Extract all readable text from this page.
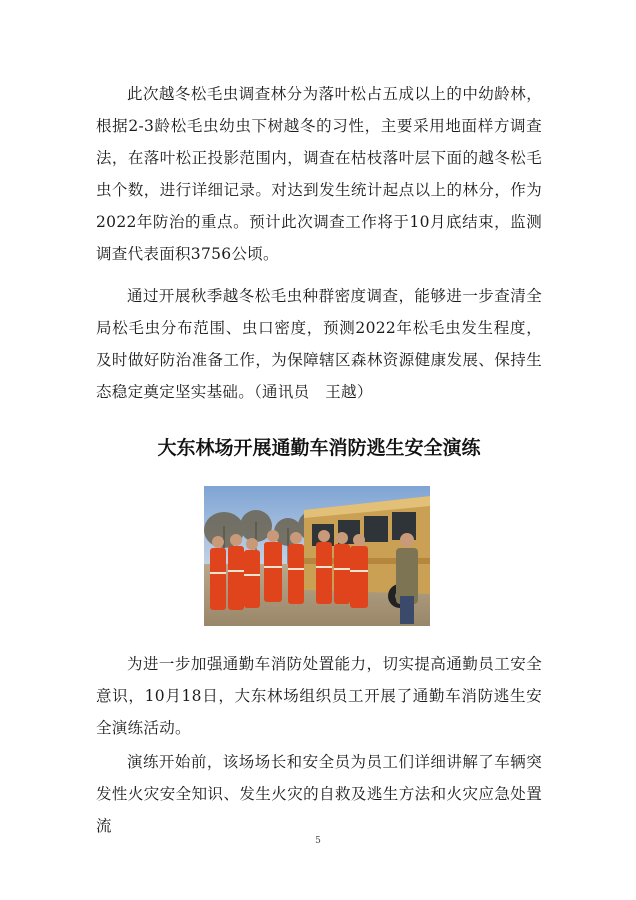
此次越冬松毛虫调查林分为落叶松占五成以上的中幼龄林，根据2-3龄松毛虫幼虫下树越冬的习性，主要采用地面样方调查法，在落叶松正投影范围内，调查在枯枝落叶层下面的越冬松毛虫个数，进行详细记录。对达到发生统计起点以上的林分，作为2022年防治的重点。预计此次调查工作将于10月底结束，监测调查代表面积3756公顷。

通过开展秋季越冬松毛虫种群密度调查，能够进一步查清全局松毛虫分布范围、虫口密度，预测2022年松毛虫发生程度，及时做好防治准备工作，为保障辖区森林资源健康发展、保持生态稳定奠定坚实基础。（通讯员　王越）

大东林场开展通勤车消防逃生安全演练

为进一步加强通勤车消防处置能力，切实提高通勤员工安全意识，10月18日，大东林场组织员工开展了通勤车消防逃生安全演练活动。

演练开始前，该场场长和安全员为员工们详细讲解了车辆突发性火灾安全知识、发生火灾的自救及逃生方法和火灾应急处置流

5
